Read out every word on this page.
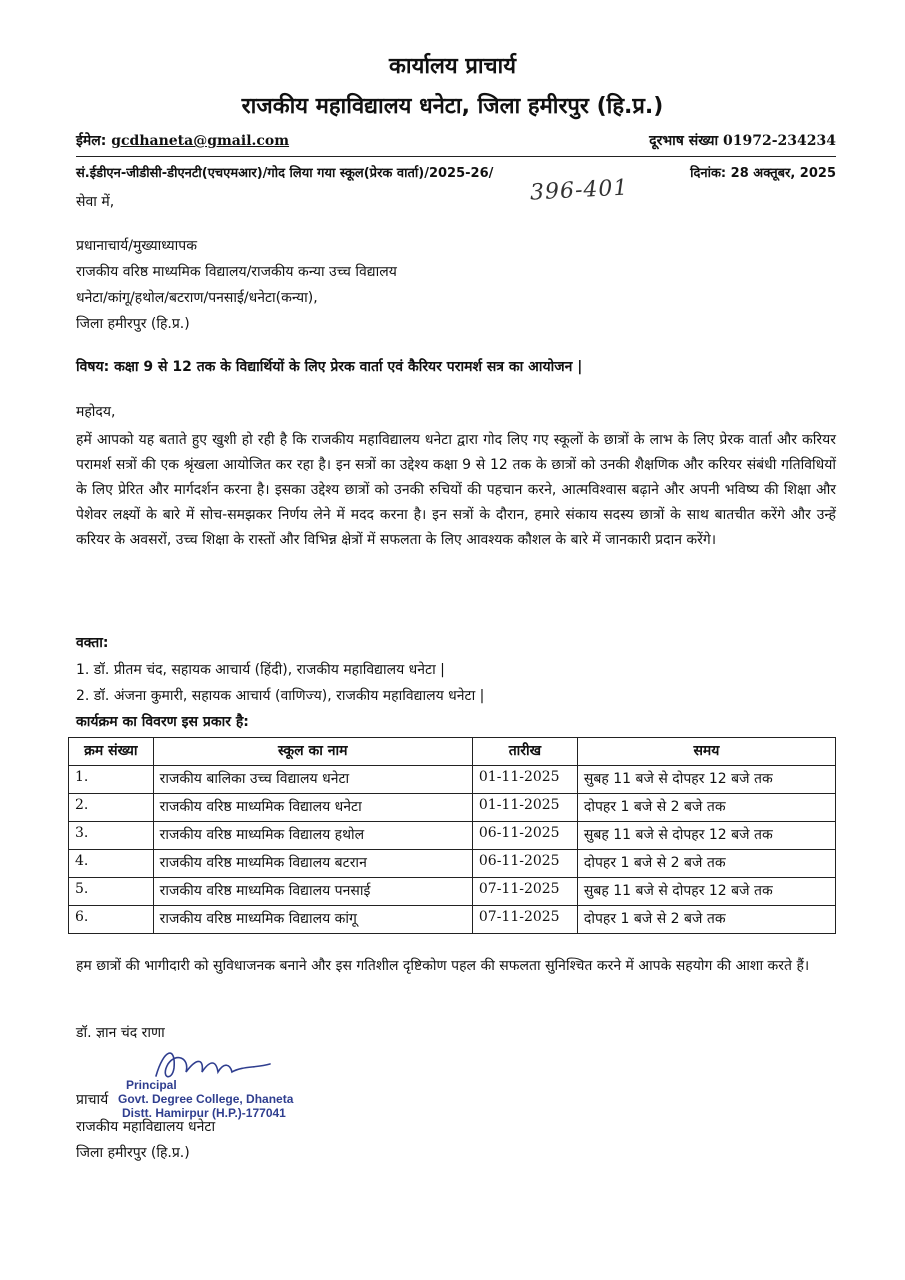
कार्यालय प्राचार्य
राजकीय महाविद्यालय धनेटा, जिला हमीरपुर (हि.प्र.)
ईमेल: gcdhaneta@gmail.com	दूरभाष संख्या 01972-234234
सं.ईडीएन-जीडीसी-डीएनटी(एचएमआर)/गोद लिया गया स्कूल(प्रेरक वार्ता)/2025-26/	दिनांक: 28 अक्तूबर, 2025
396-401
सेवा में,
प्रधानाचार्य/मुख्याध्यापक
राजकीय वरिष्ठ माध्यमिक विद्यालय/राजकीय कन्या उच्च विद्यालय
धनेटा/कांगू/हथोल/बटराण/पनसाई/धनेटा(कन्या),
जिला हमीरपुर (हि.प्र.)
विषय: कक्षा 9 से 12 तक के विद्यार्थियों के लिए प्रेरक वार्ता एवं कैरियर परामर्श सत्र का आयोजन |
महोदय,
हमें आपको यह बताते हुए खुशी हो रही है कि राजकीय महाविद्यालय धनेटा द्वारा गोद लिए गए स्कूलों के छात्रों के लाभ के लिए प्रेरक वार्ता और करियर परामर्श सत्रों की एक श्रृंखला आयोजित कर रहा है। इन सत्रों का उद्देश्य कक्षा 9 से 12 तक के छात्रों को उनकी शैक्षणिक और करियर संबंधी गतिविधियों के लिए प्रेरित और मार्गदर्शन करना है। इसका उद्देश्य छात्रों को उनकी रुचियों की पहचान करने, आत्मविश्वास बढ़ाने और अपनी भविष्य की शिक्षा और पेशेवर लक्ष्यों के बारे में सोच-समझकर निर्णय लेने में मदद करना है। इन सत्रों के दौरान, हमारे संकाय सदस्य छात्रों के साथ बातचीत करेंगे और उन्हें करियर के अवसरों, उच्च शिक्षा के रास्तों और विभिन्न क्षेत्रों में सफलता के लिए आवश्यक कौशल के बारे में जानकारी प्रदान करेंगे।
वक्ता:
1. डॉ. प्रीतम चंद, सहायक आचार्य (हिंदी), राजकीय महाविद्यालय धनेटा |
2. डॉ. अंजना कुमारी, सहायक आचार्य (वाणिज्य), राजकीय महाविद्यालय धनेटा |
कार्यक्रम का विवरण इस प्रकार है:
क्रम संख्या	स्कूल का नाम	तारीख	समय
1.	राजकीय बालिका उच्च विद्यालय धनेटा	01-11-2025	सुबह 11 बजे से दोपहर 12 बजे तक
2.	राजकीय वरिष्ठ माध्यमिक विद्यालय धनेटा	01-11-2025	दोपहर 1 बजे से 2 बजे तक
3.	राजकीय वरिष्ठ माध्यमिक विद्यालय हथोल	06-11-2025	सुबह 11 बजे से दोपहर 12 बजे तक
4.	राजकीय वरिष्ठ माध्यमिक विद्यालय बटरान	06-11-2025	दोपहर 1 बजे से 2 बजे तक
5.	राजकीय वरिष्ठ माध्यमिक विद्यालय पनसाई	07-11-2025	सुबह 11 बजे से दोपहर 12 बजे तक
6.	राजकीय वरिष्ठ माध्यमिक विद्यालय कांगू	07-11-2025	दोपहर 1 बजे से 2 बजे तक
हम छात्रों की भागीदारी को सुविधाजनक बनाने और इस गतिशील दृष्टिकोण पहल की सफलता सुनिश्चित करने में आपके सहयोग की आशा करते हैं।
डॉ. ज्ञान चंद राणा
प्राचार्य
राजकीय महाविद्यालय धनेटा
जिला हमीरपुर (हि.प्र.)
Principal
Govt. Degree College, Dhaneta
Distt. Hamirpur (H.P.)-177041
